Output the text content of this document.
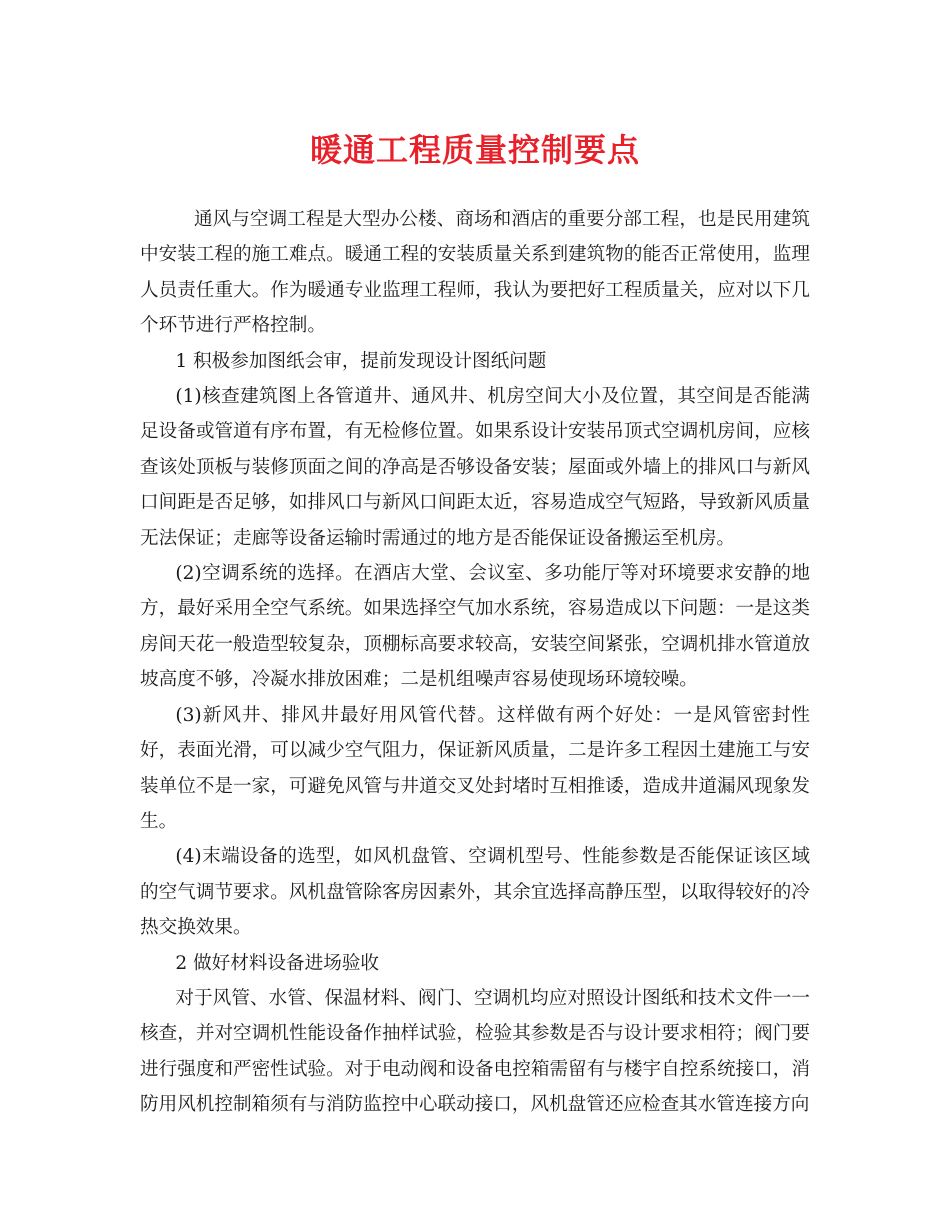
暖通工程质量控制要点

通风与空调工程是大型办公楼、商场和酒店的重要分部工程，也是民用建筑中安装工程的施工难点。暖通工程的安装质量关系到建筑物的能否正常使用，监理人员责任重大。作为暖通专业监理工程师，我认为要把好工程质量关，应对以下几个环节进行严格控制。

1 积极参加图纸会审，提前发现设计图纸问题

(1)核查建筑图上各管道井、通风井、机房空间大小及位置，其空间是否能满足设备或管道有序布置，有无检修位置。如果系设计安装吊顶式空调机房间，应核查该处顶板与装修顶面之间的净高是否够设备安装；屋面或外墙上的排风口与新风口间距是否足够，如排风口与新风口间距太近，容易造成空气短路，导致新风质量无法保证；走廊等设备运输时需通过的地方是否能保证设备搬运至机房。

(2)空调系统的选择。在酒店大堂、会议室、多功能厅等对环境要求安静的地方，最好采用全空气系统。如果选择空气加水系统，容易造成以下问题：一是这类房间天花一般造型较复杂，顶棚标高要求较高，安装空间紧张，空调机排水管道放坡高度不够，冷凝水排放困难；二是机组噪声容易使现场环境较噪。

(3)新风井、排风井最好用风管代替。这样做有两个好处：一是风管密封性好，表面光滑，可以减少空气阻力，保证新风质量，二是许多工程因土建施工与安装单位不是一家，可避免风管与井道交叉处封堵时互相推诿，造成井道漏风现象发生。

(4)末端设备的选型，如风机盘管、空调机型号、性能参数是否能保证该区域的空气调节要求。风机盘管除客房因素外，其余宜选择高静压型，以取得较好的冷热交换效果。

2 做好材料设备进场验收

对于风管、水管、保温材料、阀门、空调机均应对照设计图纸和技术文件一一核查，并对空调机性能设备作抽样试验，检验其参数是否与设计要求相符；阀门要进行强度和严密性试验。对于电动阀和设备电控箱需留有与楼宇自控系统接口，消防用风机控制箱须有与消防监控中心联动接口，风机盘管还应检查其水管连接方向
